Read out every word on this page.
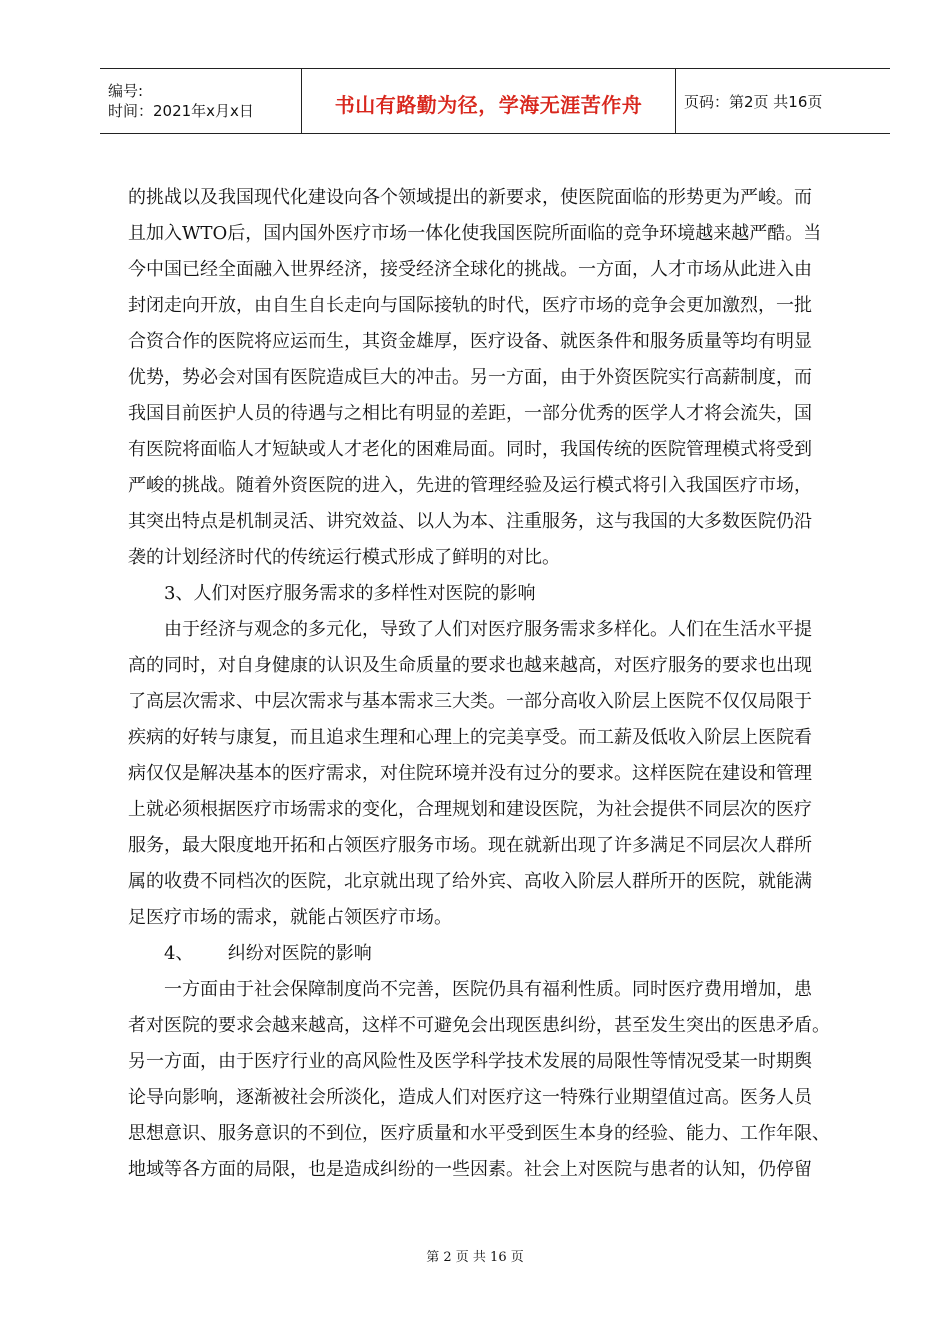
编号:
时间：2021年x月x日	书山有路勤为径，学海无涯苦作舟	页码：第2页 共16页
的挑战以及我国现代化建设向各个领域提出的新要求，使医院面临的形势更为严峻。而
且加入WTO后，国内国外医疗市场一体化使我国医院所面临的竞争环境越来越严酷。当
今中国已经全面融入世界经济，接受经济全球化的挑战。一方面，人才市场从此进入由
封闭走向开放，由自生自长走向与国际接轨的时代，医疗市场的竞争会更加激烈，一批
合资合作的医院将应运而生，其资金雄厚，医疗设备、就医条件和服务质量等均有明显
优势，势必会对国有医院造成巨大的冲击。另一方面，由于外资医院实行高薪制度，而
我国目前医护人员的待遇与之相比有明显的差距，一部分优秀的医学人才将会流失，国
有医院将面临人才短缺或人才老化的困难局面。同时，我国传统的医院管理模式将受到
严峻的挑战。随着外资医院的进入，先进的管理经验及运行模式将引入我国医疗市场，
其突出特点是机制灵活、讲究效益、以人为本、注重服务，这与我国的大多数医院仍沿
袭的计划经济时代的传统运行模式形成了鲜明的对比。
3、人们对医疗服务需求的多样性对医院的影响
由于经济与观念的多元化，导致了人们对医疗服务需求多样化。人们在生活水平提
高的同时，对自身健康的认识及生命质量的要求也越来越高，对医疗服务的要求也出现
了高层次需求、中层次需求与基本需求三大类。一部分高收入阶层上医院不仅仅局限于
疾病的好转与康复，而且追求生理和心理上的完美享受。而工薪及低收入阶层上医院看
病仅仅是解决基本的医疗需求，对住院环境并没有过分的要求。这样医院在建设和管理
上就必须根据医疗市场需求的变化，合理规划和建设医院，为社会提供不同层次的医疗
服务，最大限度地开拓和占领医疗服务市场。现在就新出现了许多满足不同层次人群所
属的收费不同档次的医院，北京就出现了给外宾、高收入阶层人群所开的医院，就能满
足医疗市场的需求，就能占领医疗市场。
4、      纠纷对医院的影响
一方面由于社会保障制度尚不完善，医院仍具有福利性质。同时医疗费用增加，患
者对医院的要求会越来越高，这样不可避免会出现医患纠纷，甚至发生突出的医患矛盾。
另一方面，由于医疗行业的高风险性及医学科学技术发展的局限性等情况受某一时期舆
论导向影响，逐渐被社会所淡化，造成人们对医疗这一特殊行业期望值过高。医务人员
思想意识、服务意识的不到位，医疗质量和水平受到医生本身的经验、能力、工作年限、
地域等各方面的局限，也是造成纠纷的一些因素。社会上对医院与患者的认知，仍停留
第 2 页 共 16 页
